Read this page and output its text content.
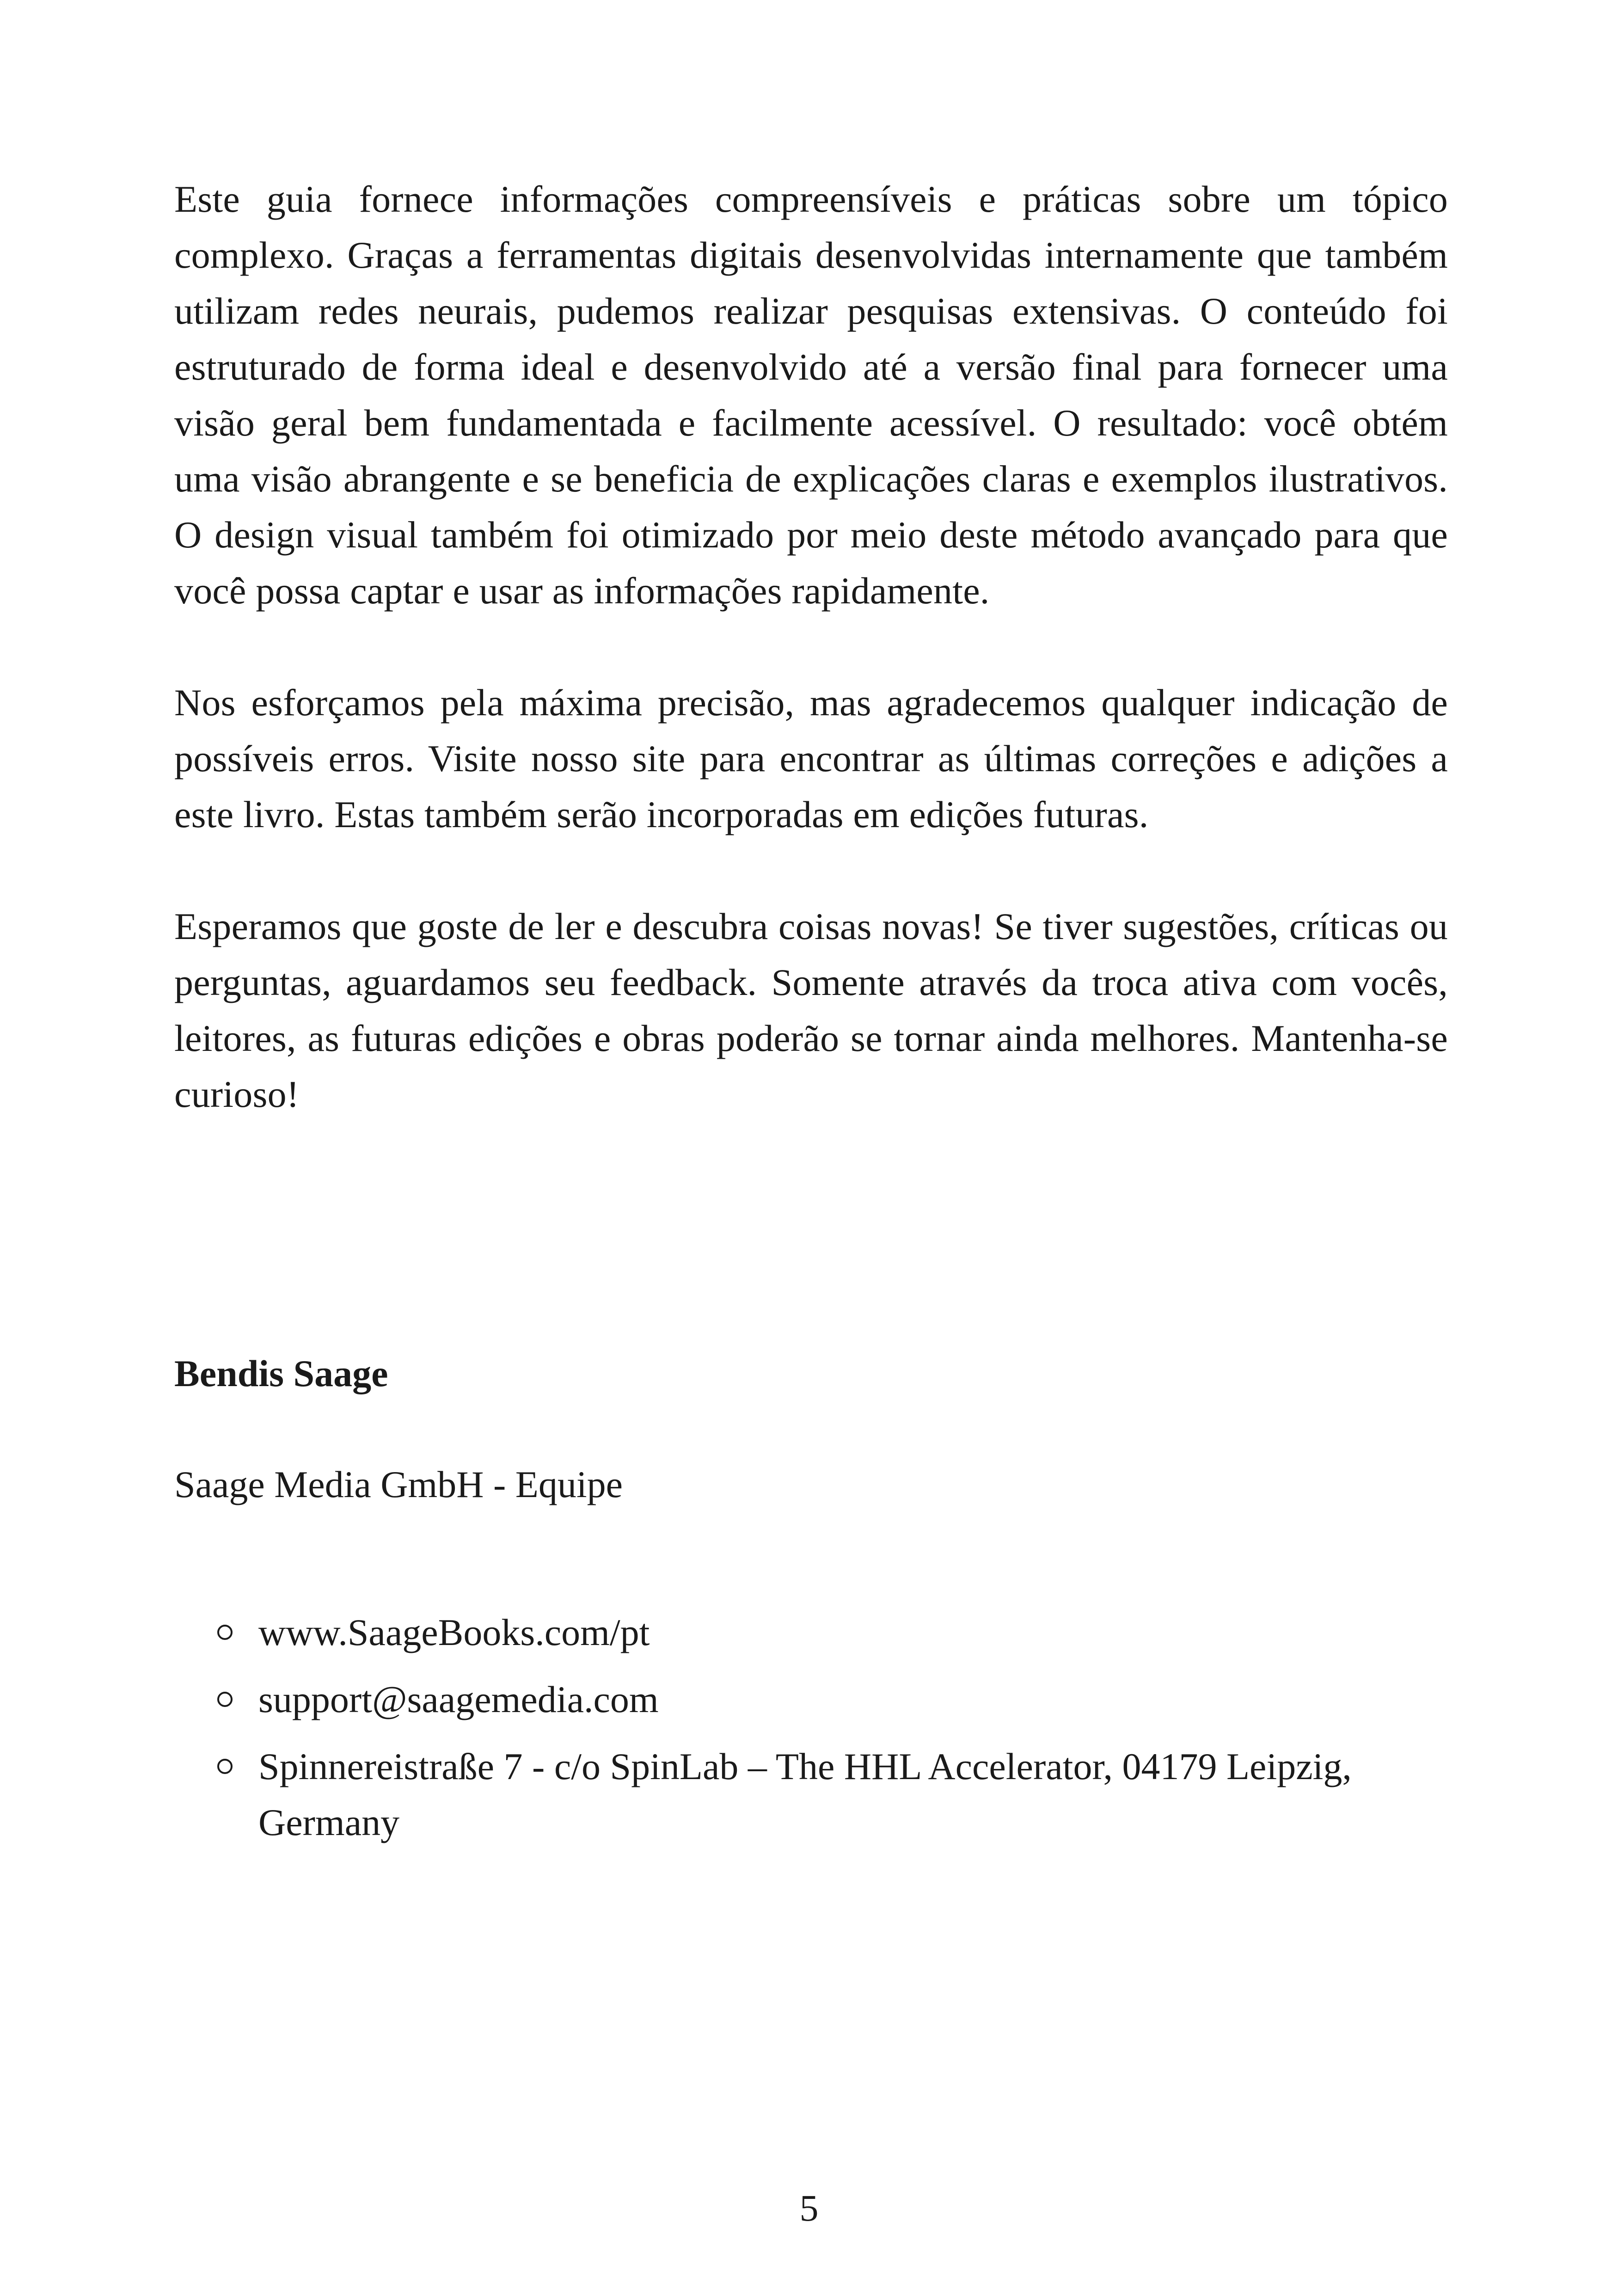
Este guia fornece informações compreensíveis e práticas sobre um tópico complexo. Graças a ferramentas digitais desenvolvidas internamente que também utilizam redes neurais, pudemos realizar pesquisas extensivas. O conteúdo foi estruturado de forma ideal e desenvolvido até a versão final para fornecer uma visão geral bem fundamentada e facilmente acessível. O resultado: você obtém uma visão abrangente e se beneficia de explicações claras e exemplos ilustrativos. O design visual também foi otimizado por meio deste método avançado para que você possa captar e usar as informações rapidamente.

Nos esforçamos pela máxima precisão, mas agradecemos qualquer indicação de possíveis erros. Visite nosso site para encontrar as últimas correções e adições a este livro. Estas também serão incorporadas em edições futuras.

Esperamos que goste de ler e descubra coisas novas! Se tiver sugestões, críticas ou perguntas, aguardamos seu feedback. Somente através da troca ativa com vocês, leitores, as futuras edições e obras poderão se tornar ainda melhores. Mantenha-se curioso!

Bendis Saage

Saage Media GmbH - Equipe

www.SaageBooks.com/pt
support@saagemedia.com
Spinnereistraße 7 - c/o SpinLab – The HHL Accelerator, 04179 Leipzig, Germany
5
